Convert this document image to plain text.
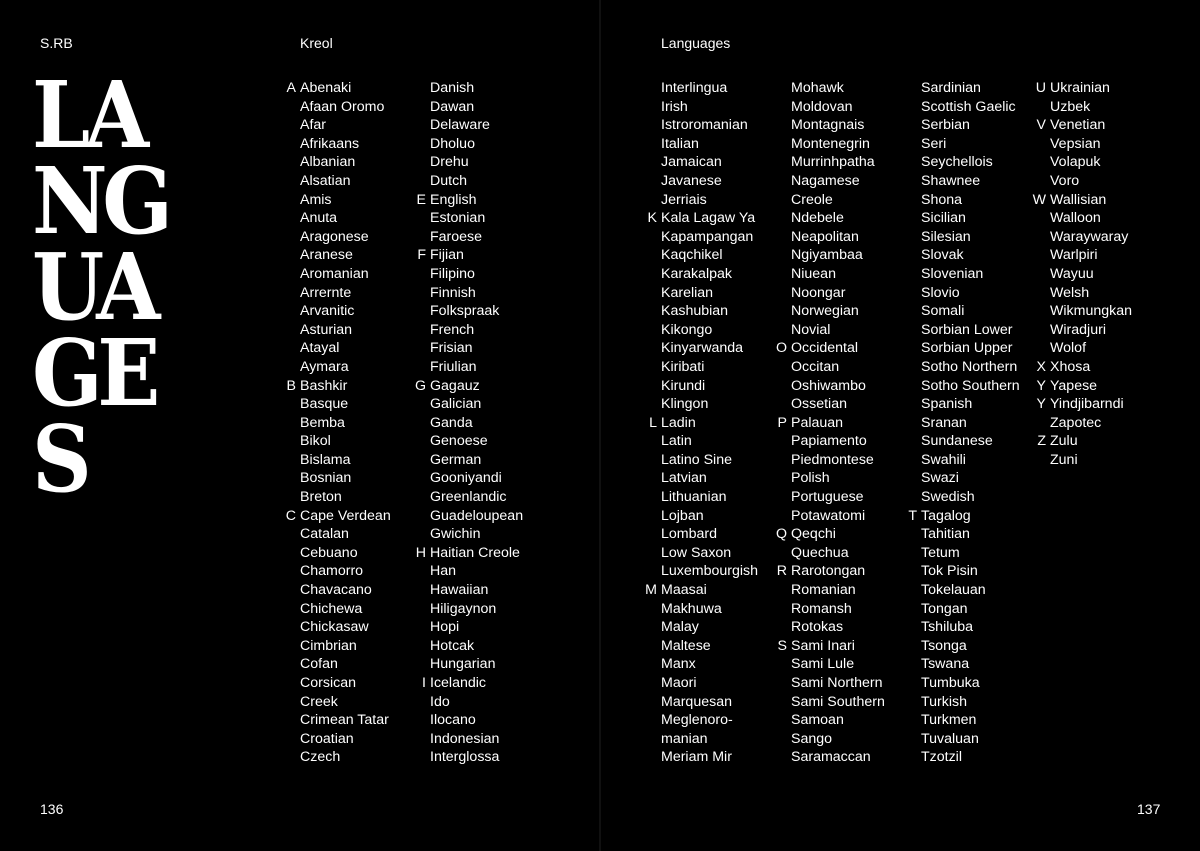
S.RB	Kreol
LA
NG
UA
GE
S
A Abenaki
Afaan Oromo
Afar
Afrikaans
Albanian
Alsatian
Amis
Anuta
Aragonese
Aranese
Aromanian
Arrernte
Arvanitic
Asturian
Atayal
Aymara
B Bashkir
Basque
Bemba
Bikol
Bislama
Bosnian
Breton
C Cape Verdean
Catalan
Cebuano
Chamorro
Chavacano
Chichewa
Chickasaw
Cimbrian
Cofan
Corsican
Creek
Crimean Tatar
Croatian
Czech
Danish
Dawan
Delaware
Dholuo
Drehu
Dutch
E English
Estonian
Faroese
F Fijian
Filipino
Finnish
Folkspraak
French
Frisian
Friulian
G Gagauz
Galician
Ganda
Genoese
German
Gooniyandi
Greenlandic
Guadeloupean
Gwichin
H Haitian Creole
Han
Hawaiian
Hiligaynon
Hopi
Hotcak
Hungarian
I Icelandic
Ido
Ilocano
Indonesian
Interglossa
136
Languages
Interlingua
Irish
Istroromanian
Italian
Jamaican
Javanese
Jerriais
K Kala Lagaw Ya
Kapampangan
Kaqchikel
Karakalpak
Karelian
Kashubian
Kikongo
Kinyarwanda
Kiribati
Kirundi
Klingon
L Ladin
Latin
Latino Sine
Latvian
Lithuanian
Lojban
Lombard
Low Saxon
Luxembourgish
M Maasai
Makhuwa
Malay
Maltese
Manx
Maori
Marquesan
Meglenoro-
manian
Meriam Mir
Mohawk
Moldovan
Montagnais
Montenegrin
Murrinhpatha
Nagamese
Creole
Ndebele
Neapolitan
Ngiyambaa
Niuean
Noongar
Norwegian
Novial
O Occidental
Occitan
Oshiwambo
Ossetian
P Palauan
Papiamento
Piedmontese
Polish
Portuguese
Potawatomi
Q Qeqchi
Quechua
R Rarotongan
Romanian
Romansh
Rotokas
S Sami Inari
Sami Lule
Sami Northern
Sami Southern
Samoan
Sango
Saramaccan
Sardinian
Scottish Gaelic
Serbian
Seri
Seychellois
Shawnee
Shona
Sicilian
Silesian
Slovak
Slovenian
Slovio
Somali
Sorbian Lower
Sorbian Upper
Sotho Northern
Sotho Southern
Spanish
Sranan
Sundanese
Swahili
Swazi
Swedish
T Tagalog
Tahitian
Tetum
Tok Pisin
Tokelauan
Tongan
Tshiluba
Tsonga
Tswana
Tumbuka
Turkish
Turkmen
Tuvaluan
Tzotzil
U Ukrainian
Uzbek
V Venetian
Vepsian
Volapuk
Voro
W Wallisian
Walloon
Waraywaray
Warlpiri
Wayuu
Welsh
Wikmungkan
Wiradjuri
Wolof
X Xhosa
Y Yapese
Y Yindjibarndi
Zapotec
Z Zulu
Zuni
137
